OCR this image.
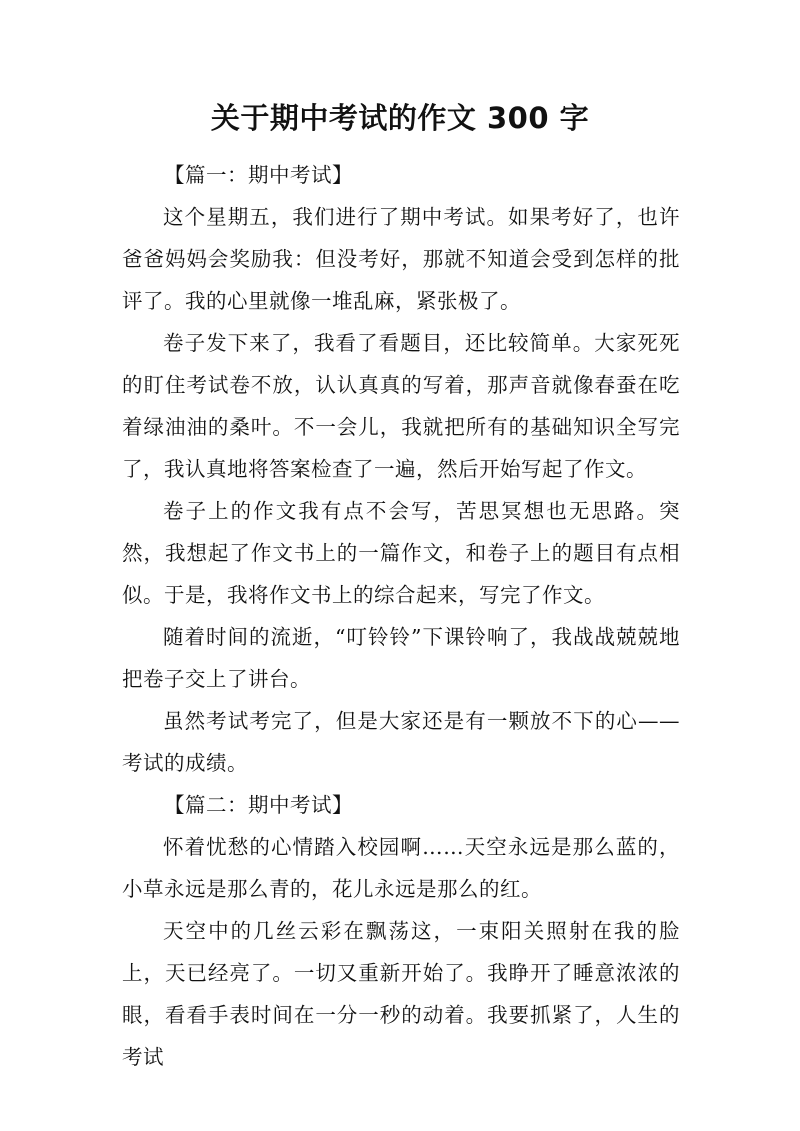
关于期中考试的作文 300 字

【篇一：期中考试】

这个星期五，我们进行了期中考试。如果考好了，也许爸爸妈妈会奖励我：但没考好，那就不知道会受到怎样的批评了。我的心里就像一堆乱麻，紧张极了。

卷子发下来了，我看了看题目，还比较简单。大家死死的盯住考试卷不放，认认真真的写着，那声音就像春蚕在吃着绿油油的桑叶。不一会儿，我就把所有的基础知识全写完了，我认真地将答案检查了一遍，然后开始写起了作文。

卷子上的作文我有点不会写，苦思冥想也无思路。突然，我想起了作文书上的一篇作文，和卷子上的题目有点相似。于是，我将作文书上的综合起来，写完了作文。

随着时间的流逝，“叮铃铃”下课铃响了，我战战兢兢地把卷子交上了讲台。

虽然考试考完了，但是大家还是有一颗放不下的心——考试的成绩。

【篇二：期中考试】

怀着忧愁的心情踏入校园啊……天空永远是那么蓝的，小草永远是那么青的，花儿永远是那么的红。

天空中的几丝云彩在飘荡这，一束阳关照射在我的脸上，天已经亮了。一切又重新开始了。我睁开了睡意浓浓的眼，看看手表时间在一分一秒的动着。我要抓紧了，人生的考试
